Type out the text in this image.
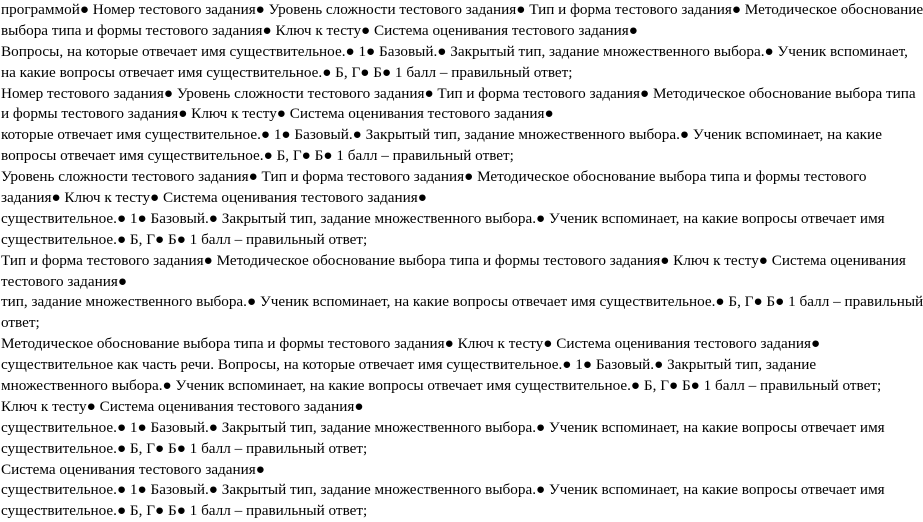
программой● Номер тестового задания● Уровень сложности тестового задания● Тип и форма тестового задания● Методическое обоснование
выбора типа и формы тестового задания● Ключ к тесту● Система оценивания тестового задания●
Вопросы, на которые отвечает имя существительное.● 1● Базовый.● Закрытый тип, задание множественного выбора.● Ученик вспоминает,
на какие вопросы отвечает имя существительное.● Б, Г● Б● 1 балл – правильный ответ;
Номер тестового задания● Уровень сложности тестового задания● Тип и форма тестового задания● Методическое обоснование выбора типа
и формы тестового задания● Ключ к тесту● Система оценивания тестового задания●
которые отвечает имя существительное.● 1● Базовый.● Закрытый тип, задание множественного выбора.● Ученик вспоминает, на какие
вопросы отвечает имя существительное.● Б, Г● Б● 1 балл – правильный ответ;
Уровень сложности тестового задания● Тип и форма тестового задания● Методическое обоснование выбора типа и формы тестового
задания● Ключ к тесту● Система оценивания тестового задания●
существительное.● 1● Базовый.● Закрытый тип, задание множественного выбора.● Ученик вспоминает, на какие вопросы отвечает имя
существительное.● Б, Г● Б● 1 балл – правильный ответ;
Тип и форма тестового задания● Методическое обоснование выбора типа и формы тестового задания● Ключ к тесту● Система оценивания
тестового задания●
тип, задание множественного выбора.● Ученик вспоминает, на какие вопросы отвечает имя существительное.● Б, Г● Б● 1 балл – правильный
ответ;
Методическое обоснование выбора типа и формы тестового задания● Ключ к тесту● Система оценивания тестового задания●
существительное как часть речи. Вопросы, на которые отвечает имя существительное.● 1● Базовый.● Закрытый тип, задание
множественного выбора.● Ученик вспоминает, на какие вопросы отвечает имя существительное.● Б, Г● Б● 1 балл – правильный ответ;
Ключ к тесту● Система оценивания тестового задания●
существительное.● 1● Базовый.● Закрытый тип, задание множественного выбора.● Ученик вспоминает, на какие вопросы отвечает имя
существительное.● Б, Г● Б● 1 балл – правильный ответ;
Система оценивания тестового задания●
существительное.● 1● Базовый.● Закрытый тип, задание множественного выбора.● Ученик вспоминает, на какие вопросы отвечает имя
существительное.● Б, Г● Б● 1 балл – правильный ответ;
